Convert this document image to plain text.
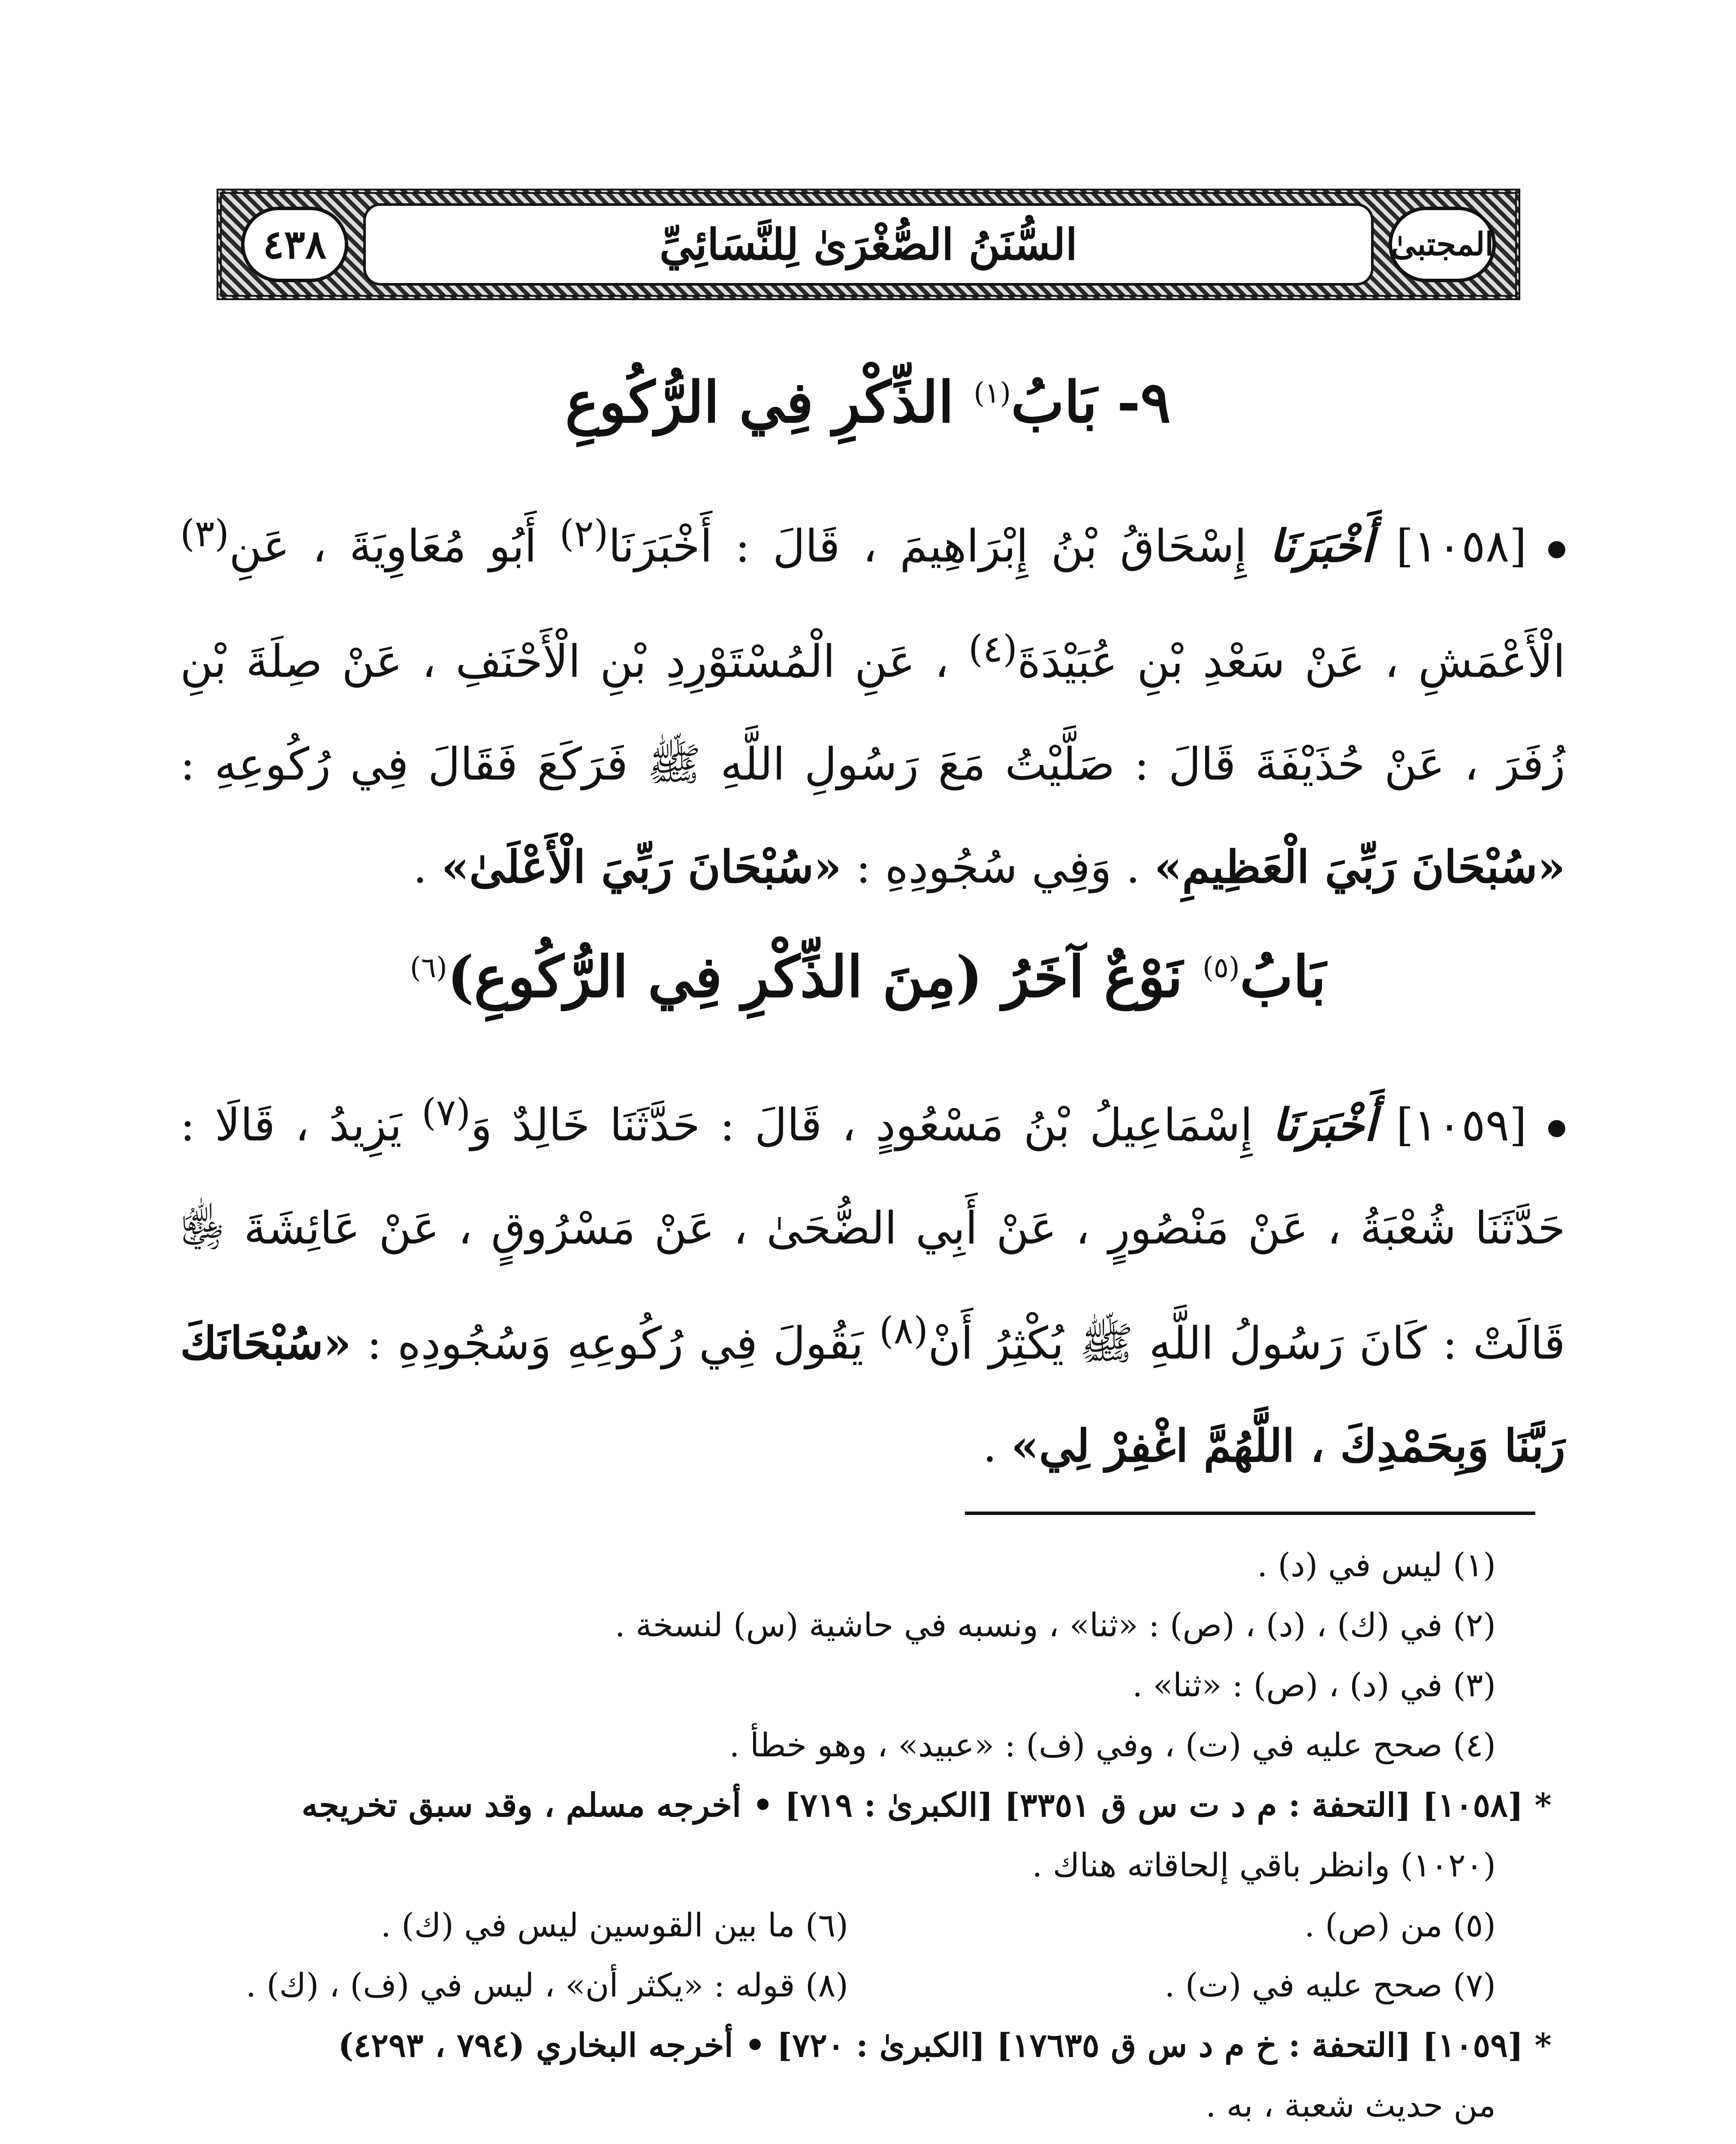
المجتبىٰ
السُّنَنُ الصُّغْرَىٰ لِلنَّسَائِيِّ
٤٣٨
٩- بَابُ$^{(١)}$ الذِّكْرِ فِي الرُّكُوعِ
[١٠٥٨] أَخْبَرَنَا إِسْحَاقُ بْنُ إِبْرَاهِيمَ ، قَالَ : أَخْبَرَنَا$^{(٢)}$ أَبُو مُعَاوِيَةَ ، عَنِ$^{(٣)}$ الْأَعْمَشِ ، عَنْ سَعْدِ بْنِ عُبَيْدَةَ$^{(٤)}$ ، عَنِ الْمُسْتَوْرِدِ بْنِ الْأَحْنَفِ ، عَنْ صِلَةَ بْنِ زُفَرَ ، عَنْ حُذَيْفَةَ قَالَ : صَلَّيْتُ مَعَ رَسُولِ اللَّهِ ﷺ فَرَكَعَ فَقَالَ فِي رُكُوعِهِ : «سُبْحَانَ رَبِّيَ الْعَظِيمِ» . وَفِي سُجُودِهِ : «سُبْحَانَ رَبِّيَ الْأَعْلَىٰ» .
بَابُ$^{(٥)}$ نَوْعٌ آخَرُ (مِنَ الذِّكْرِ فِي الرُّكُوعِ)$^{(٦)}$
[١٠٥٩] أَخْبَرَنَا إِسْمَاعِيلُ بْنُ مَسْعُودٍ ، قَالَ : حَدَّثَنَا خَالِدٌ وَ$^{(٧)}$ يَزِيدُ ، قَالَا : حَدَّثَنَا شُعْبَةُ ، عَنْ مَنْصُورٍ ، عَنْ أَبِي الضُّحَىٰ ، عَنْ مَسْرُوقٍ ، عَنْ عَائِشَةَ ﵂ قَالَتْ : كَانَ رَسُولُ اللَّهِ ﷺ يُكْثِرُ أَنْ$^{(٨)}$ يَقُولَ فِي رُكُوعِهِ وَسُجُودِهِ : «سُبْحَانَكَ رَبَّنَا وَبِحَمْدِكَ ، اللَّهُمَّ اغْفِرْ لِي» .
(١) ليس في (د) .
(٢) في (ك) ، (د) ، (ص) : «ثنا» ، ونسبه في حاشية (س) لنسخة .
(٣) في (د) ، (ص) : «ثنا» .
(٤) صحح عليه في (ت) ، وفي (ف) : «عبيد» ، وهو خطأ .
* [١٠٥٨] [التحفة : م د ت س ق ٣٣٥١] [الكبرىٰ : ٧١٩] • أخرجه مسلم ، وقد سبق تخريجه
(١٠٢٠) وانظر باقي إلحاقاته هناك .
(٥) من (ص) .
(٦) ما بين القوسين ليس في (ك) .
(٧) صحح عليه في (ت) .
(٨) قوله : «يكثر أن» ، ليس في (ف) ، (ك) .
* [١٠٥٩] [التحفة : خ م د س ق ١٧٦٣٥] [الكبرىٰ : ٧٢٠] • أخرجه البخاري (٧٩٤ ، ٤٢٩٣)
من حديث شعبة ، به .
